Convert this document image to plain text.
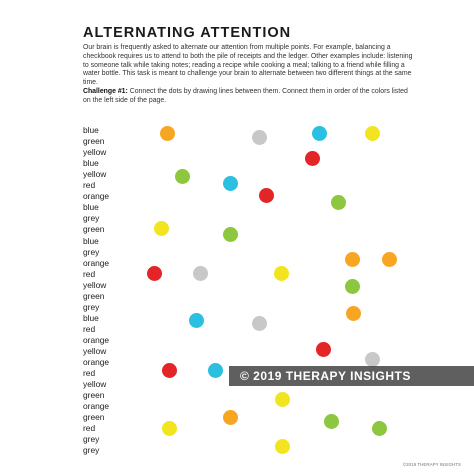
ALTERNATING ATTENTION
Our brain is frequently asked to alternate our attention from multiple points. For example, balancing a checkbook requires us to attend to both the pile of receipts and the ledger. Other examples include: listening to someone talk while taking notes; reading a recipe while cooking a meal; talking to a friend while filling a water bottle. This task is meant to challenge your brain to alternate between two different things at the same time.
Challenge #1: Connect the dots by drawing lines between them. Connect them in order of the colors listed on the left side of the page.
blue
green
yellow
blue
yellow
red
orange
blue
grey
green
blue
grey
orange
red
yellow
green
grey
blue
red
orange
yellow
orange
red
yellow
green
orange
green
red
grey
grey
© 2019 THERAPY INSIGHTS
©2019 THERAPY INSIGHTS
